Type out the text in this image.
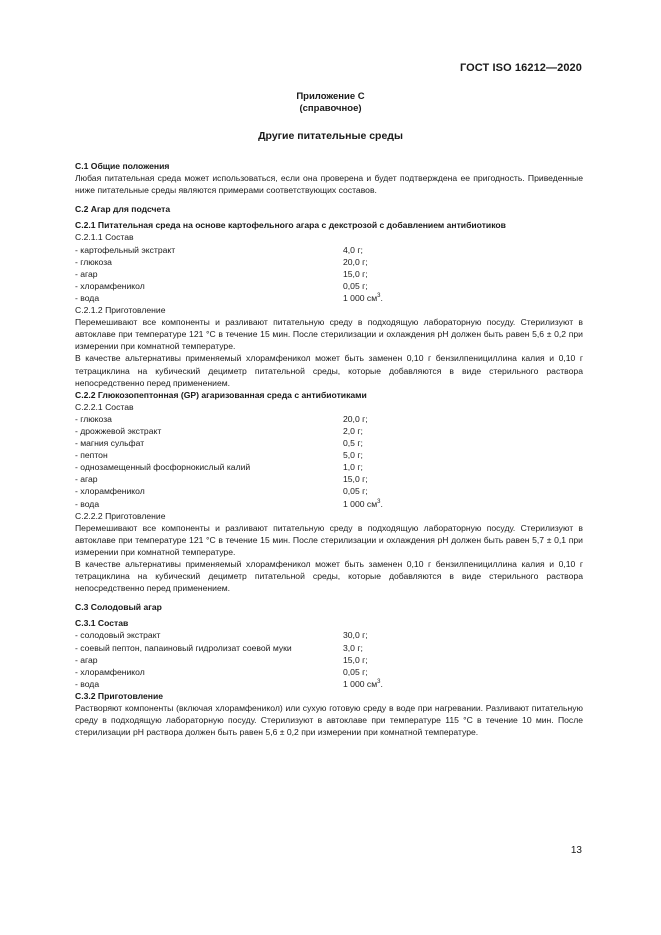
ГОСТ ISO 16212—2020
Приложение С
(справочное)
Другие питательные среды
С.1 Общие положения
Любая питательная среда может использоваться, если она проверена и будет подтверждена ее пригодность. Приведенные ниже питательные среды являются примерами соответствующих составов.
С.2 Агар для подсчета
С.2.1 Питательная среда на основе картофельного агара с декстрозой с добавлением антибиотиков
С.2.1.1 Состав
- картофельный экстракт	4,0 г;
- глюкоза	20,0 г;
- агар	15,0 г;
- хлорамфеникол	0,05 г;
- вода	1 000 $см^3$.
С.2.1.2 Приготовление
Перемешивают все компоненты и разливают питательную среду в подходящую лабораторную посуду. Стерилизуют в автоклаве при температуре 121 °С в течение 15 мин. После стерилизации и охлаждения pH должен быть равен 5,6 ± 0,2 при измерении при комнатной температуре.
В качестве альтернативы применяемый хлорамфеникол может быть заменен 0,10 г бензилпенициллина калия и 0,10 г тетрациклина на кубический дециметр питательной среды, которые добавляются в виде стерильного раствора непосредственно перед применением.
С.2.2 Глюкозопептонная (GP) агаризованная среда с антибиотиками
С.2.2.1 Состав
- глюкоза	20,0 г;
- дрожжевой экстракт	2,0 г;
- магния сульфат	0,5 г;
- пептон	5,0 г;
- однозамещенный фосфорнокислый калий	1,0 г;
- агар	15,0 г;
- хлорамфеникол	0,05 г;
- вода	1 000 $см^3$.
С.2.2.2 Приготовление
Перемешивают все компоненты и разливают питательную среду в подходящую лабораторную посуду. Стерилизуют в автоклаве при температуре 121 °С в течение 15 мин. После стерилизации и охлаждения pH должен быть равен 5,7 ± 0,1 при измерении при комнатной температуре.
В качестве альтернативы применяемый хлорамфеникол может быть заменен 0,10 г бензилпенициллина калия и 0,10 г тетрациклина на кубический дециметр питательной среды, которые добавляются в виде стерильного раствора непосредственно перед применением.
С.3 Солодовый агар
С.3.1 Состав
- солодовый экстракт	30,0 г;
- соевый пептон, папаиновый гидролизат соевой муки	3,0 г;
- агар	15,0 г;
- хлорамфеникол	0,05 г;
- вода	1 000 $см^3$.
С.3.2 Приготовление
Растворяют компоненты (включая хлорамфеникол) или сухую готовую среду в воде при нагревании. Разливают питательную среду в подходящую лабораторную посуду. Стерилизуют в автоклаве при температуре 115 °С в течение 10 мин. После стерилизации pH раствора должен быть равен 5,6 ± 0,2 при измерении при комнатной температуре.
13
